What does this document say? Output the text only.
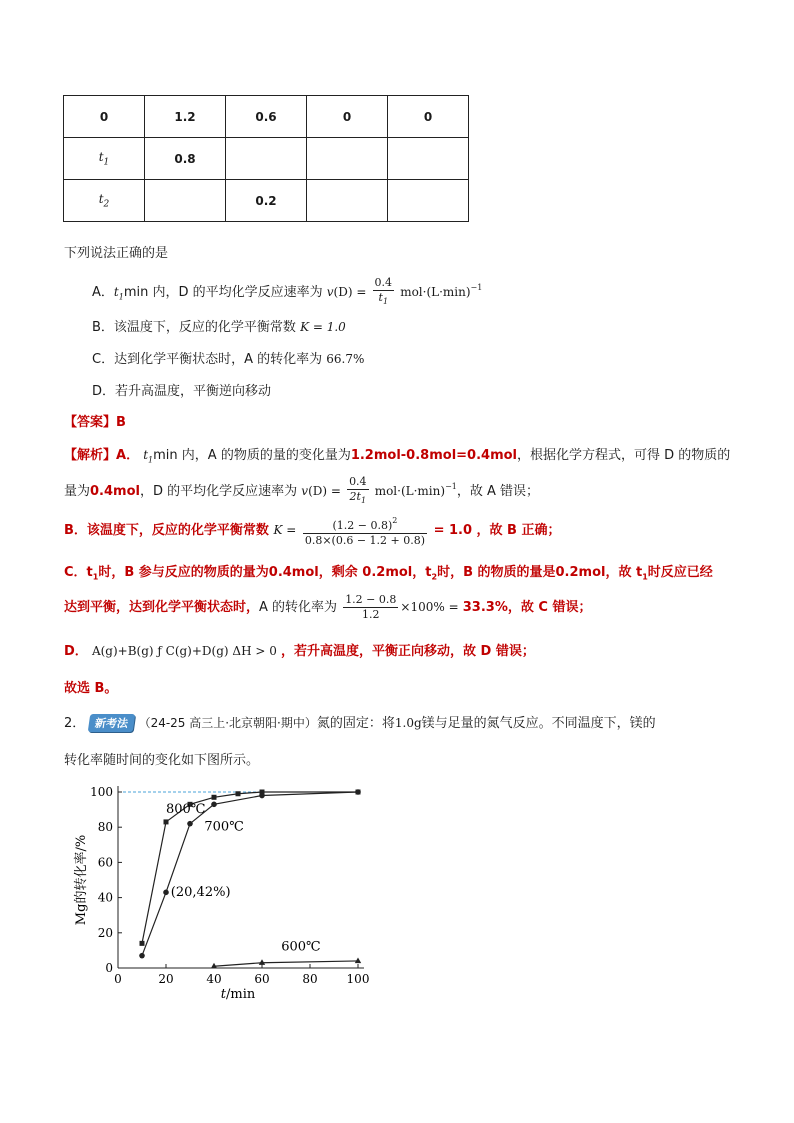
0	1.2	0.6	0	0
$t_1$	0.8			
$t_2$		0.2		
下列说法正确的是
A．$t_1\min$ 内，D 的平均化学反应速率为 $v(D) = \frac{0.4}{t_1} mol\cdot(L\cdot\min)^{-1}$
B．该温度下，反应的化学平衡常数 K = 1.0
C．达到化学平衡状态时，A 的转化率为 66.7%
D．若升高温度，平衡逆向移动
【答案】B
【解析】A． $t_1\min$ 内，A 的物质的量的变化量为1.2mol-0.8mol=0.4mol，根据化学方程式，可得 D 的物质的
量为0.4mol，D 的平均化学反应速率为 $v(D) = \frac{0.4}{2t_1} mol\cdot(L\cdot\min)^{-1}$，故 A 错误；
B．该温度下，反应的化学平衡常数 $K = \frac{(1.2 - 0.8)^2}{0.8\times(0.6 - 1.2 + 0.8)} = 1.0$ ，故 B 正确；
C．$t_1$时，B 参与反应的物质的量为0.4mol，剩余 0.2mol，$t_2$时，B 的物质的量是0.2mol，故 $t_1$时反应已经
达到平衡，达到化学平衡状态时，A 的转化率为 $\frac{1.2 - 0.8}{1.2} \times 100\% = 33.3\%$，故 C 错误；
D． A(g)+B(g) ƒ C(g)+D(g) ΔH > 0 ，若升高温度，平衡正向移动，故 D 错误；
故选 B。
2． 新考法 （24-25 高三上·北京朝阳·期中）氮的固定：将1.0g镁与足量的氮气反应。不同温度下，镁的
转化率随时间的变化如下图所示。
0	20	40	60	80 100
0
20
40
60
80
100
t/min
Mg的转化率/%
800℃
700℃
600℃
(20,42%)
